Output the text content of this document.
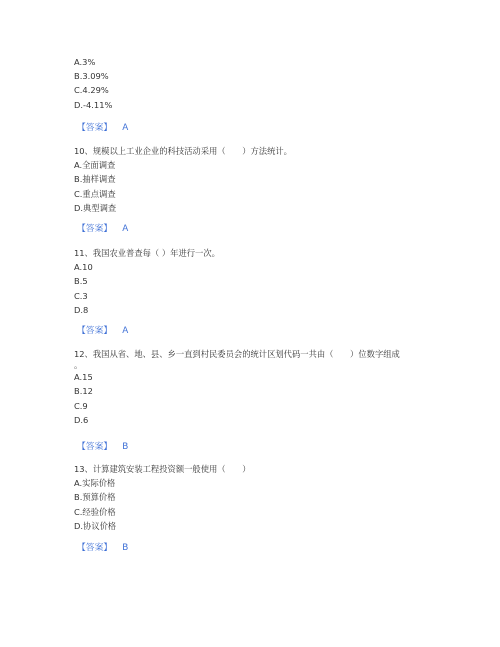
A.3%
B.3.09%
C.4.29%
D.-4.11%
【答案】 A
10、规模以上工业企业的科技活动采用（　　）方法统计。
A.全面调查
B.抽样调查
C.重点调查
D.典型调查
【答案】 A
11、我国农业普查每（ ）年进行一次。
A.10
B.5
C.3
D.8
【答案】 A
12、我国从省、地、县、乡一直到村民委员会的统计区划代码一共由（　　）位数字组成
。
A.15
B.12
C.9
D.6
【答案】 B
13、计算建筑安装工程投资额一般使用（　　）
A.实际价格
B.预算价格
C.经验价格
D.协议价格
【答案】 B
